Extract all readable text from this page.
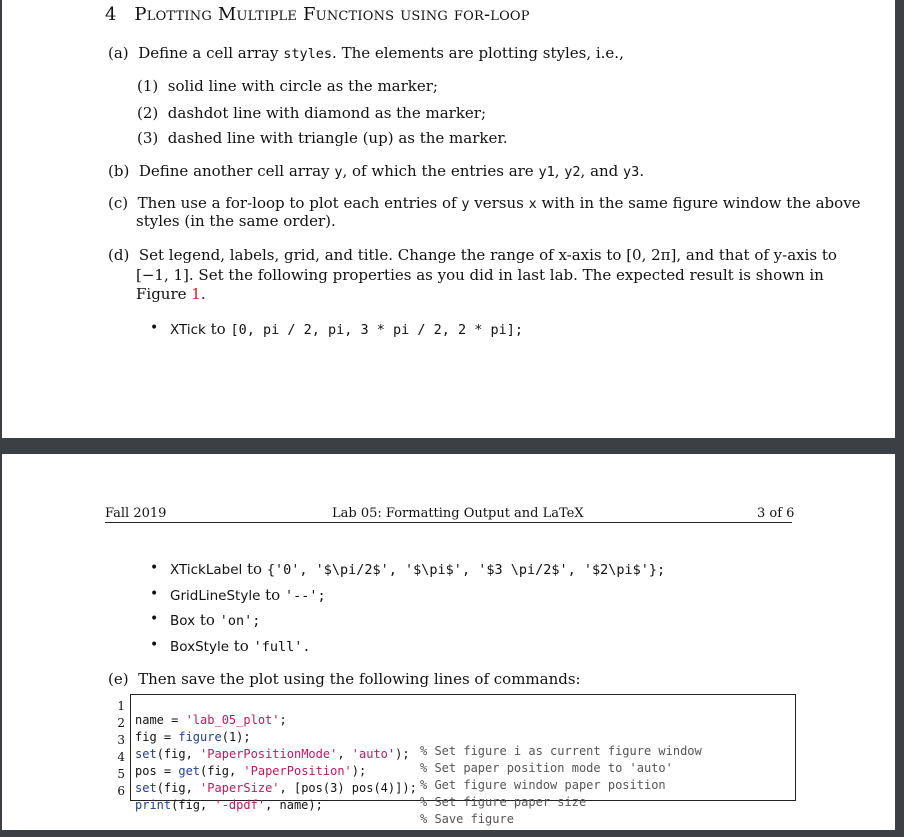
4 Plotting Multiple Functions using for-loop
(a) Define a cell array styles. The elements are plotting styles, i.e.,
(1) solid line with circle as the marker;
(2) dashdot line with diamond as the marker;
(3) dashed line with triangle (up) as the marker.
(b) Define another cell array y, of which the entries are y1, y2, and y3.
(c) Then use a for-loop to plot each entries of y versus x with in the same figure window the above
styles (in the same order).
(d) Set legend, labels, grid, and title. Change the range of x-axis to [0, 2π], and that of y-axis to
[−1, 1]. Set the following properties as you did in last lab. The expected result is shown in
Figure 1.
• XTick to [0, pi / 2, pi, 3 * pi / 2, 2 * pi];
Fall 2019	Lab 05: Formatting Output and LaTeX	3 of 6
• XTickLabel to {'0', '$\pi/2$', '$\pi$', '$3 \pi/2$', '$2\pi$'};
• GridLineStyle to '--';
• Box to 'on';
• BoxStyle to 'full'.
(e) Then save the plot using the following lines of commands:
1
2
3
4
5
6

name = 'lab_05_plot';

fig = figure(1);

% Set figure i as current figure window

set(fig, 'PaperPositionMode', 'auto');

% Set paper position mode to 'auto'

pos = get(fig, 'PaperPosition');

% Get figure window paper position

set(fig, 'PaperSize', [pos(3) pos(4)]);

% Set figure paper size

print(fig, '-dpdf', name);

% Save figure
